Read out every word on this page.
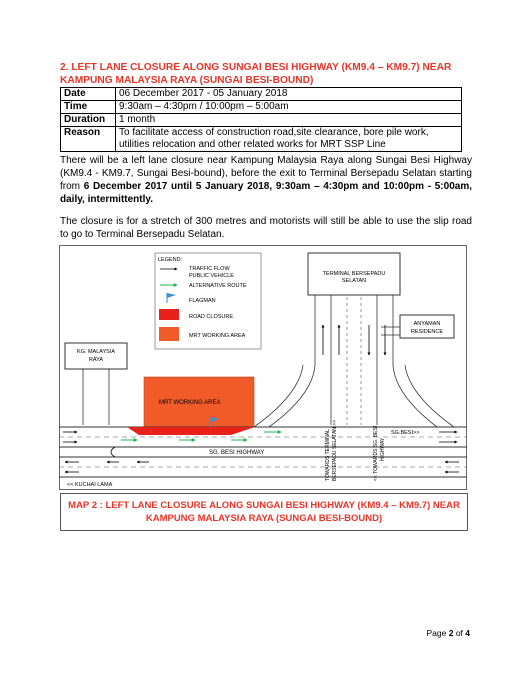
2. LEFT LANE CLOSURE ALONG SUNGAI BESI HIGHWAY (KM9.4 – KM9.7) NEAR KAMPUNG MALAYSIA RAYA (SUNGAI BESI-BOUND)
Date	06 December 2017 - 05 January 2018
Time	9:30am – 4:30pm / 10:00pm – 5:00am
Duration	1 month
Reason	To facilitate access of construction road,site clearance, bore pile work, utilities relocation and other related works for MRT SSP Line

There will be a left lane closure near Kampung Malaysia Raya along Sungai Besi Highway (KM9.4 - KM9.7, Sungai Besi-bound), before the exit to Terminal Bersepadu Selatan starting from 6 December 2017 until 5 January 2018, 9:30am – 4:30pm and 10:00pm - 5:00am, daily, intermittently.

The closure is for a stretch of 300 metres and motorists will still be able to use the slip road to go to Terminal Bersepadu Selatan.

LEGEND:
TRAFFIC FLOW
PUBLIC VEHICLE
ALTERNATIVE ROUTE
FLAGMAN
ROAD CLOSURE
MRT WORKING AREA
TERMINAL BERSEPADU
SELATAN
ANYAMAN
RESIDENCE
KG. MALAYSIA
RAYA
MRT WORKING AREA
SG. BESI HIGHWAY
<< KUCHAI LAMA
SG.BESI>>
TOWARDS TERMINAL BERSEPADU SELATAN >>	<< TOWARDS SG. BESI HIGHWAY
MAP 2 : LEFT LANE CLOSURE ALONG SUNGAI BESI HIGHWAY (KM9.4 – KM9.7) NEAR
KAMPUNG MALAYSIA RAYA (SUNGAI BESI-BOUND)
Page 2 of 4
